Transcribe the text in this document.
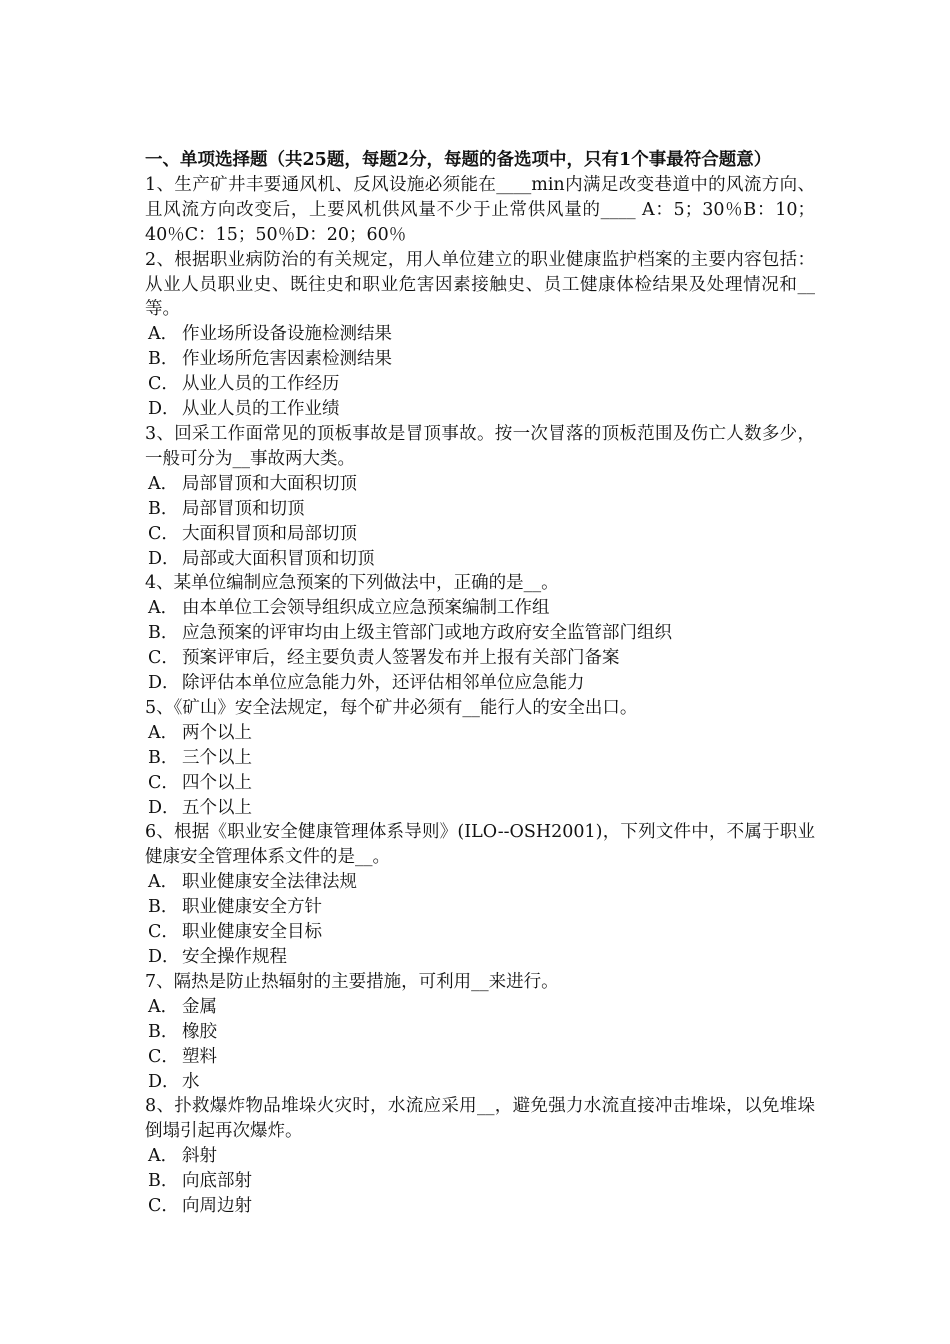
一、单项选择题（共25题，每题2分，每题的备选项中，只有1个事最符合题意）

1、生产矿井丰要通风机、反风设施必须能在____min内满足改变巷道中的风流方向、且风流方向改变后，上要风机供风量不少于止常供风量的____ A：5；30％B：10；40％C：15；50％D：20；60％

2、根据职业病防治的有关规定，用人单位建立的职业健康监护档案的主要内容包括：从业人员职业史、既往史和职业危害因素接触史、员工健康体检结果及处理情况和__等。

A． 作业场所设备设施检测结果
B． 作业场所危害因素检测结果
C． 从业人员的工作经历
D． 从业人员的工作业绩

3、回采工作面常见的顶板事故是冒顶事故。按一次冒落的顶板范围及伤亡人数多少，一般可分为__事故两大类。

A． 局部冒顶和大面积切顶
B． 局部冒顶和切顶
C． 大面积冒顶和局部切顶
D． 局部或大面积冒顶和切顶

4、某单位编制应急预案的下列做法中，正确的是__。

A． 由本单位工会领导组织成立应急预案编制工作组
B． 应急预案的评审均由上级主管部门或地方政府安全监管部门组织
C． 预案评审后，经主要负责人签署发布并上报有关部门备案
D． 除评估本单位应急能力外，还评估相邻单位应急能力

5、《矿山》安全法规定，每个矿井必须有__能行人的安全出口。

A． 两个以上
B． 三个以上
C． 四个以上
D． 五个以上

6、根据《职业安全健康管理体系导则》(ILO--OSH2001)，下列文件中，不属于职业健康安全管理体系文件的是__。

A． 职业健康安全法律法规
B． 职业健康安全方针
C． 职业健康安全目标
D． 安全操作规程

7、隔热是防止热辐射的主要措施，可利用__来进行。

A． 金属
B． 橡胶
C． 塑料
D． 水

8、扑救爆炸物品堆垛火灾时，水流应采用__，避免强力水流直接冲击堆垛，以免堆垛倒塌引起再次爆炸。

A． 斜射
B． 向底部射
C． 向周边射
